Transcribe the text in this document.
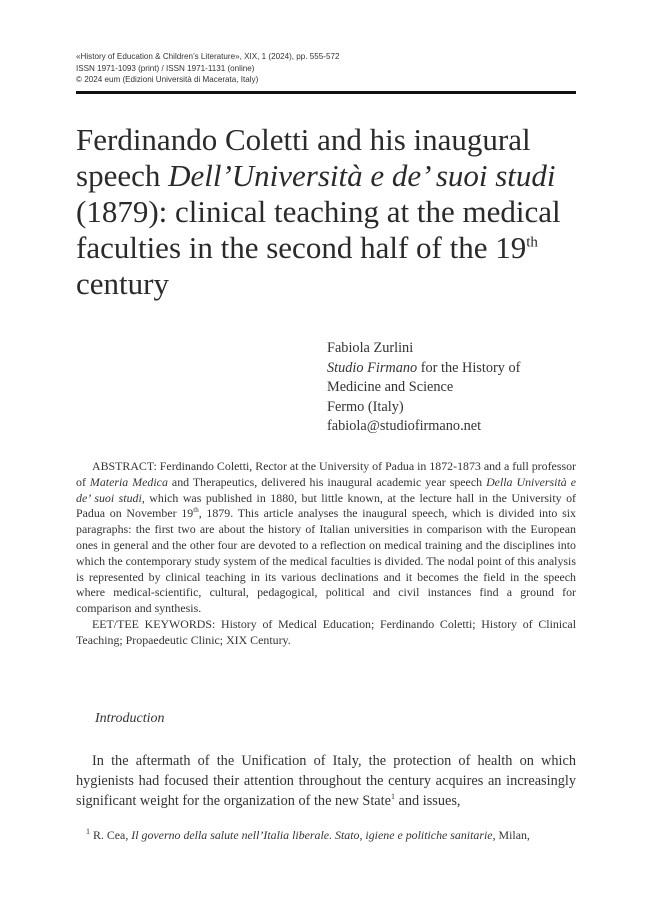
«History of Education & Children’s Literature», XIX, 1 (2024), pp. 555-572
ISSN 1971-1093 (print) / ISSN 1971-1131 (online)
© 2024 eum (Edizioni Università di Macerata, Italy)
Ferdinando Coletti and his inaugural
speech Dell’Università e de’ suoi studi
(1879): clinical teaching at the medical
faculties in the second half of the 19th
century
Fabiola Zurlini
Studio Firmano for the History of
Medicine and Science
Fermo (Italy)
fabiola@studiofirmano.net

ABSTRACT: Ferdinando Coletti, Rector at the University of Padua in 1872-1873 and a full professor of Materia Medica and Therapeutics, delivered his inaugural academic year speech Della Università e de’ suoi studi, which was published in 1880, but little known, at the lecture hall in the University of Padua on November 19th, 1879. This article analyses the inaugural speech, which is divided into six paragraphs: the first two are about the history of Italian universities in comparison with the European ones in general and the other four are devoted to a reflection on medical training and the disciplines into which the contemporary study system of the medical faculties is divided. The nodal point of this analysis is represented by clinical teaching in its various declinations and it becomes the field in the speech where medical-scientific, cultural, pedagogical, political and civil instances find a ground for comparison and synthesis.

EET/TEE KEYWORDS: History of Medical Education; Ferdinando Coletti; History of Clinical Teaching; Propaedeutic Clinic; XIX Century.

Introduction

In the aftermath of the Unification of Italy, the protection of health on which hygienists had focused their attention throughout the century acquires an increasingly significant weight for the organization of the new State$^1$ and issues,

$^1$ R. Cea, Il governo della salute nell’Italia liberale. Stato, igiene e politiche sanitarie, Milan,
